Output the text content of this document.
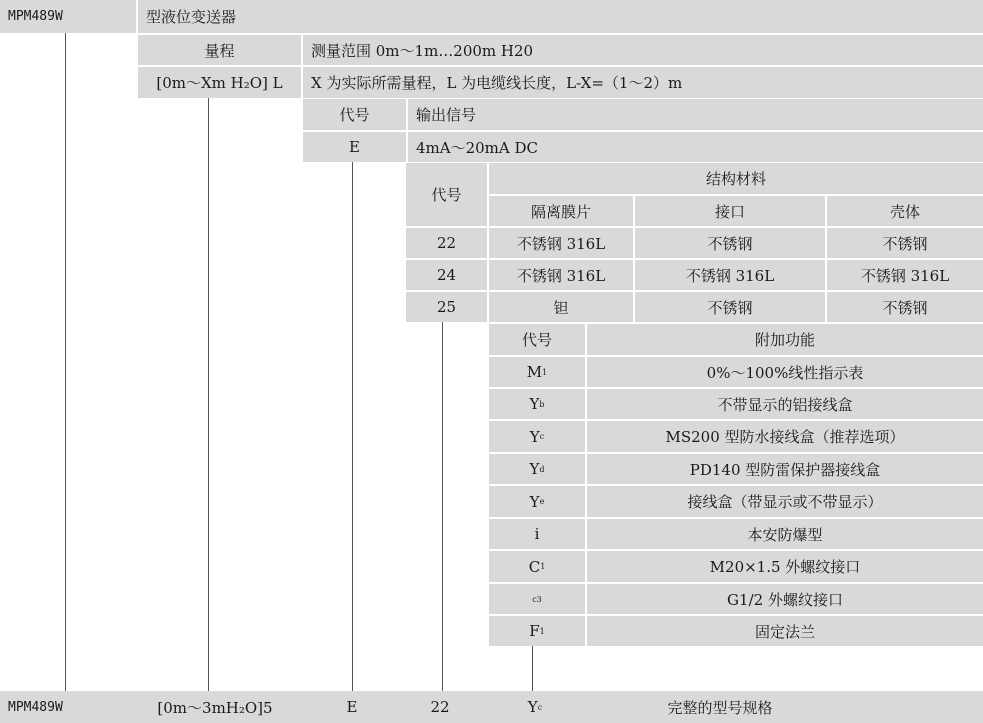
MPM489W	型液位变送器
量程	测量范围 0m～1m…200m H20
[0m～Xm H₂O] L	X 为实际所需量程，L 为电缆线长度，L-X=（1～2）m
代号	输出信号
E	4mA～20mA DC
代号
结构材料
隔离膜片	接口	壳体
22	不锈钢 316L	不锈钢	不锈钢
24	不锈钢 316L	不锈钢 316L	不锈钢 316L
25	钽	不锈钢	不锈钢
代号	附加功能
M 1	0%～100%线性指示表
Y b	不带显示的铝接线盒
Y c	MS200 型防水接线盒（推荐选项）
Y d	PD140 型防雷保护器接线盒
Y e	接线盒（带显示或不带显示）
i	本安防爆型
C 1	M20×1.5 外螺纹接口
c3	G1/2 外螺纹接口
F 1	固定法兰
MPM489W	[0m～3mH₂O]5	E	22	Y c	完整的型号规格
